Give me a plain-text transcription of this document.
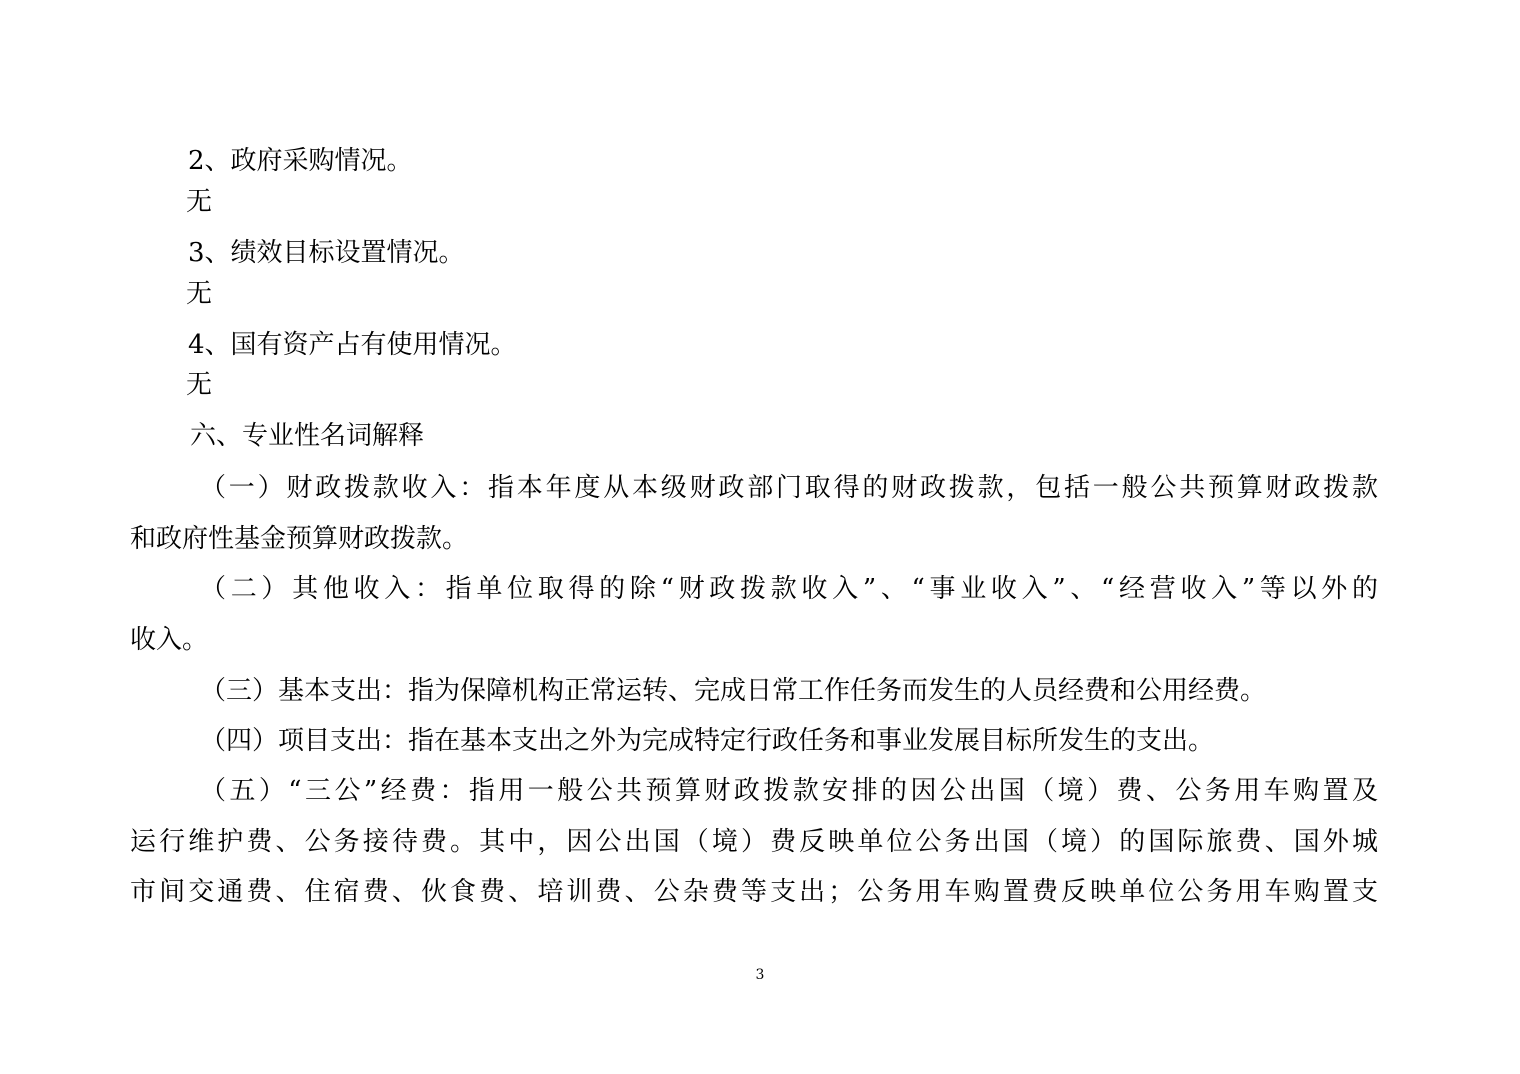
2、政府采购情况。
无
3、绩效目标设置情况。
无
4、国有资产占有使用情况。
无
六、专业性名词解释
（一）财政拨款收入：指本年度从本级财政部门取得的财政拨款，包括一般公共预算财政拨款
和政府性基金预算财政拨款。
（二）其他收入：指单位取得的除“财政拨款收入”、“事业收入”、“经营收入”等以外的
收入。
（三）基本支出：指为保障机构正常运转、完成日常工作任务而发生的人员经费和公用经费。
（四）项目支出：指在基本支出之外为完成特定行政任务和事业发展目标所发生的支出。
（五）“三公”经费：指用一般公共预算财政拨款安排的因公出国（境）费、公务用车购置及
运行维护费、公务接待费。其中，因公出国（境）费反映单位公务出国（境）的国际旅费、国外城
市间交通费、住宿费、伙食费、培训费、公杂费等支出；公务用车购置费反映单位公务用车购置支
3
